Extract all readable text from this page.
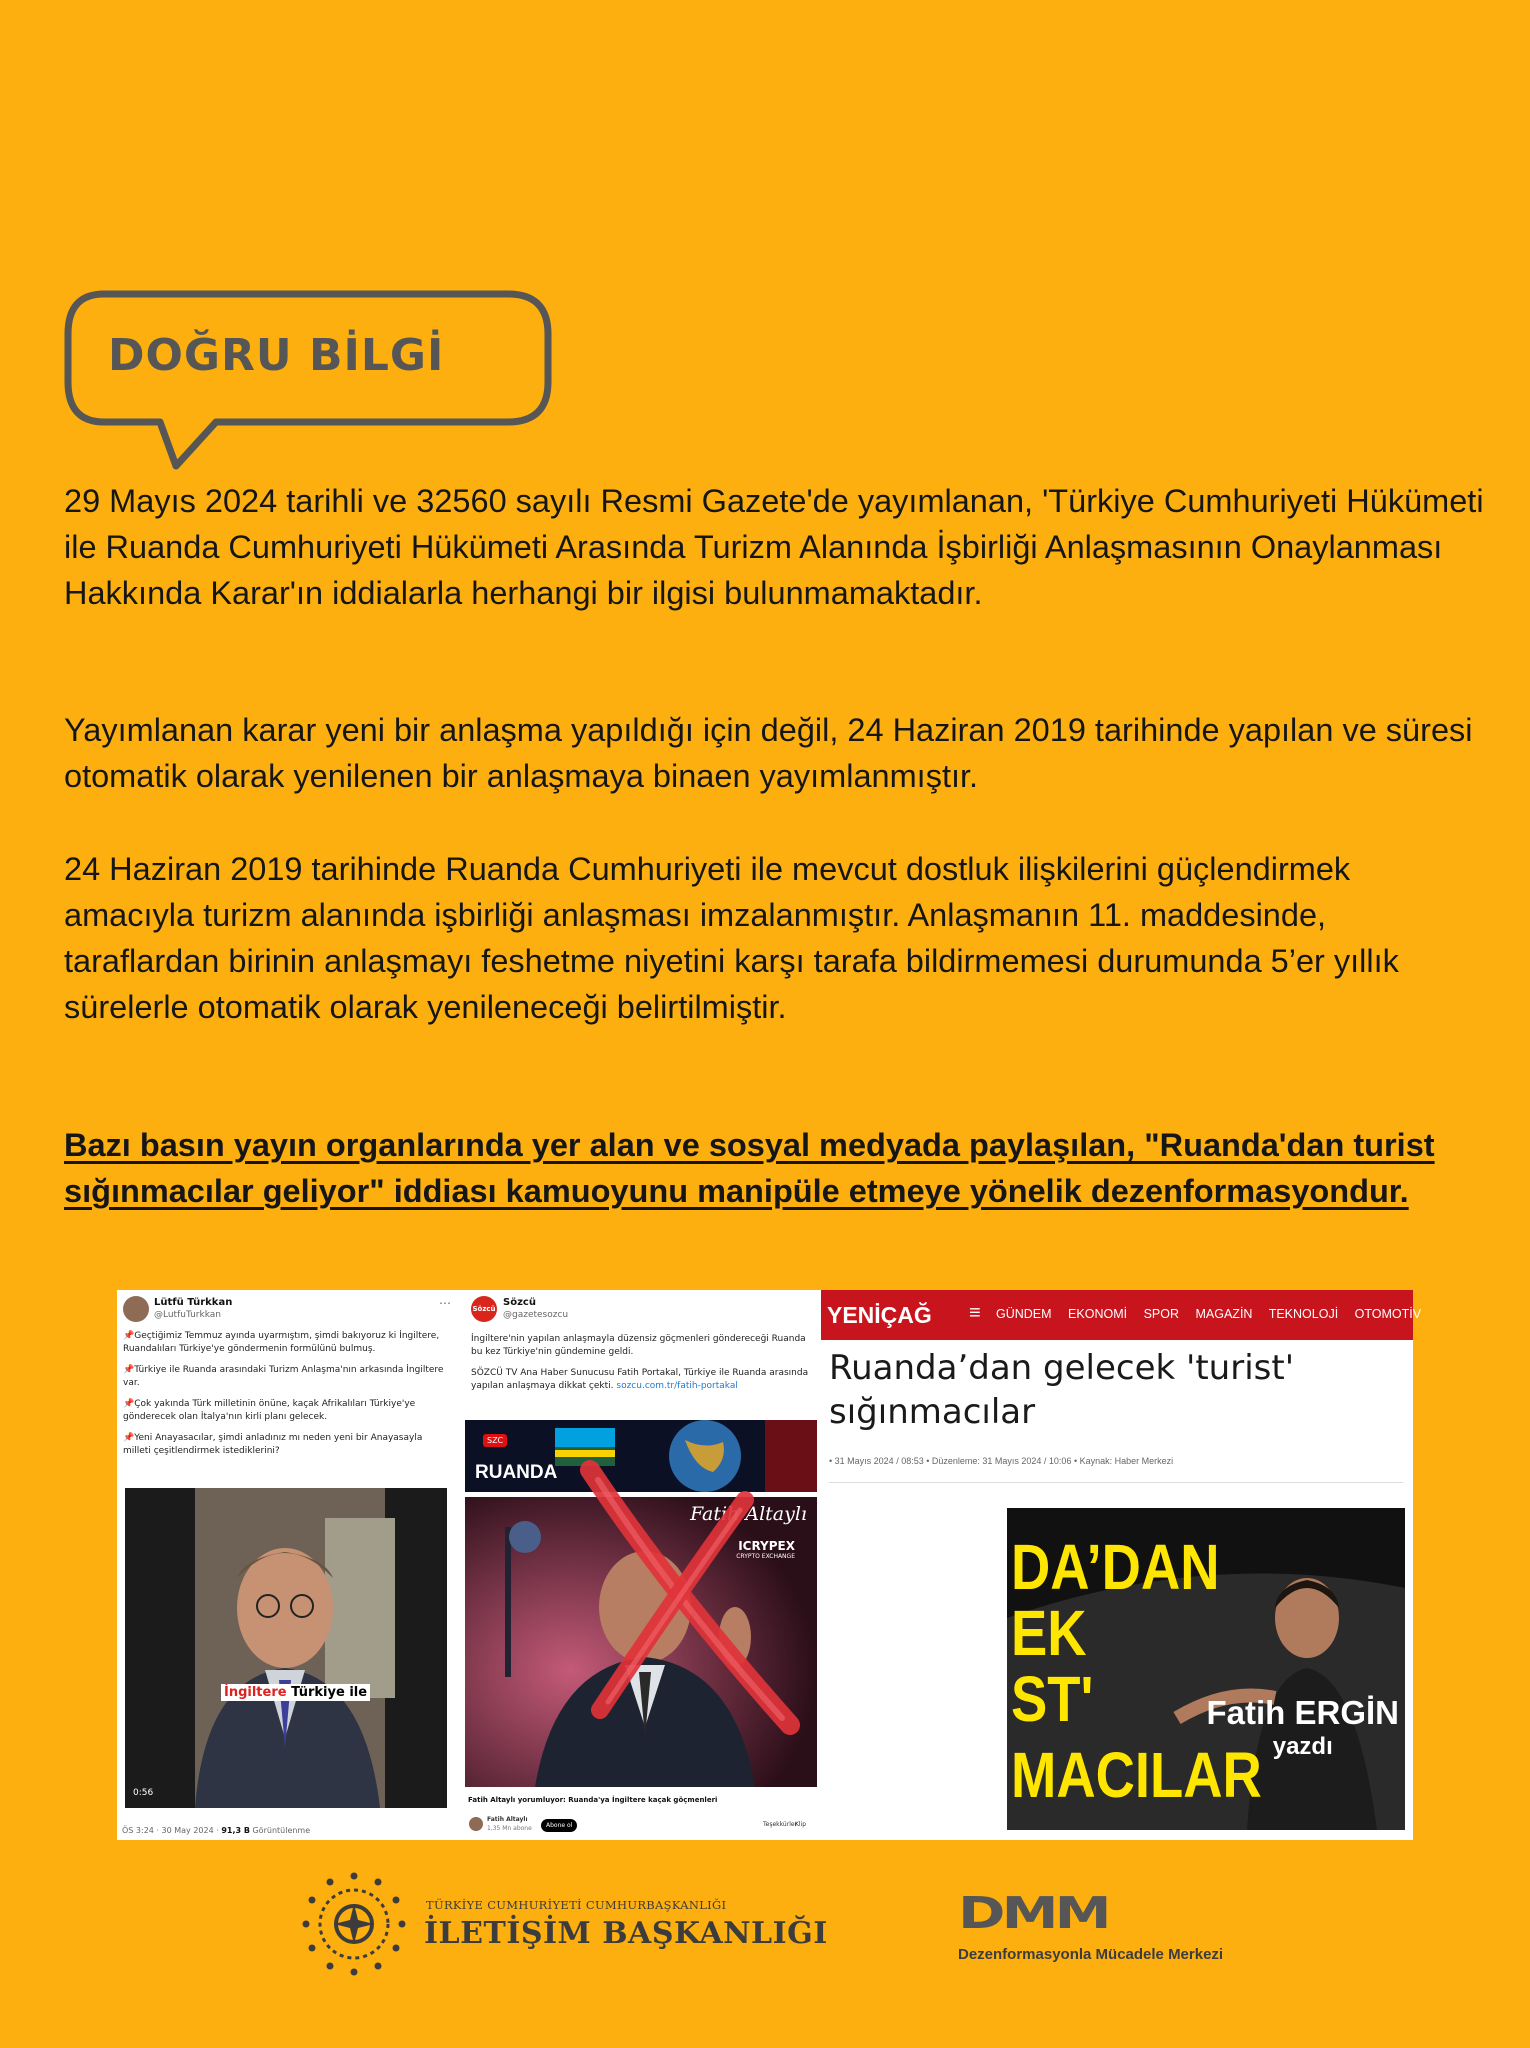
DOĞRU BİLGİ

29 Mayıs 2024 tarihli ve 32560 sayılı Resmi Gazete'de yayımlanan, 'Türkiye Cumhuriyeti Hükümeti ile Ruanda Cumhuriyeti Hükümeti Arasında Turizm Alanında İşbirliği Anlaşmasının Onaylanması Hakkında Karar'ın iddialarla herhangi bir ilgisi bulunmamaktadır.

Yayımlanan karar yeni bir anlaşma yapıldığı için değil, 24 Haziran 2019 tarihinde yapılan ve süresi otomatik olarak yenilenen bir anlaşmaya binaen yayımlanmıştır.

24 Haziran 2019 tarihinde Ruanda Cumhuriyeti ile mevcut dostluk ilişkilerini güçlendirmek amacıyla turizm alanında işbirliği anlaşması imzalanmıştır. Anlaşmanın 11. maddesinde, taraflardan birinin anlaşmayı feshetme niyetini karşı tarafa bildirmemesi durumunda 5’er yıllık sürelerle otomatik olarak yenileneceği belirtilmiştir.

Bazı basın yayın organlarında yer alan ve sosyal medyada paylaşılan, "Ruanda'dan turist sığınmacılar geliyor" iddiası kamuoyunu manipüle etmeye yönelik dezenformasyondur.
Lütfü Türkkan
@LutfuTurkkan
⋯

📌Geçtiğimiz Temmuz ayında uyarmıştım, şimdi bakıyoruz ki İngiltere, Ruandalıları Türkiye'ye göndermenin formülünü bulmuş.

📌Türkiye ile Ruanda arasındaki Turizm Anlaşma'nın arkasında İngiltere var.

📌Çok yakında Türk milletinin önüne, kaçak Afrikalıları Türkiye'ye gönderecek olan İtalya'nın kirli planı gelecek.

📌Yeni Anayasacılar, şimdi anladınız mı neden yeni bir Anayasayla milleti çeşitlendirmek istediklerini?

İngiltere Türkiye ile
0:56
ÖS 3:24 · 30 May 2024 · 91,3 B Görüntülenme
Sözcü
Sözcü
@gazetesozcu

İngiltere'nin yapılan anlaşmayla düzensiz göçmenleri göndereceği Ruanda bu kez Türkiye'nin gündemine geldi.

SÖZCÜ TV Ana Haber Sunucusu Fatih Portakal, Türkiye ile Ruanda arasında yapılan anlaşmaya dikkat çekti. sozcu.com.tr/fatih-portakal

SZC
RUANDA
Fatih Altaylı
ICRYPEX
CRYPTO EXCHANGE
Fatih Altaylı yorumluyor: Ruanda'ya İngiltere kaçak göçmenleri
Fatih Altaylı
1,35 Mn abone	Abone ol	Teşekkürler
Klip
YENİÇAĞ ≡ GÜNDEM EKONOMİ SPOR MAGAZİN TEKNOLOJİ OTOMOTİV
Ruanda’dan gelecek 'turist'
sığınmacılar
• 31 Mayıs 2024 / 08:53 • Düzenleme: 31 Mayıs 2024 / 10:06 • Kaynak: Haber Merkezi
DA’DAN
EK
ST'
MACILAR
Fatih ERGİN
yazdı
TÜRKİYE CUMHURİYETİ CUMHURBAŞKANLIĞI
İLETİŞİM BAŞKANLIĞI	DMM
Dezenformasyonla Mücadele Merkezi
